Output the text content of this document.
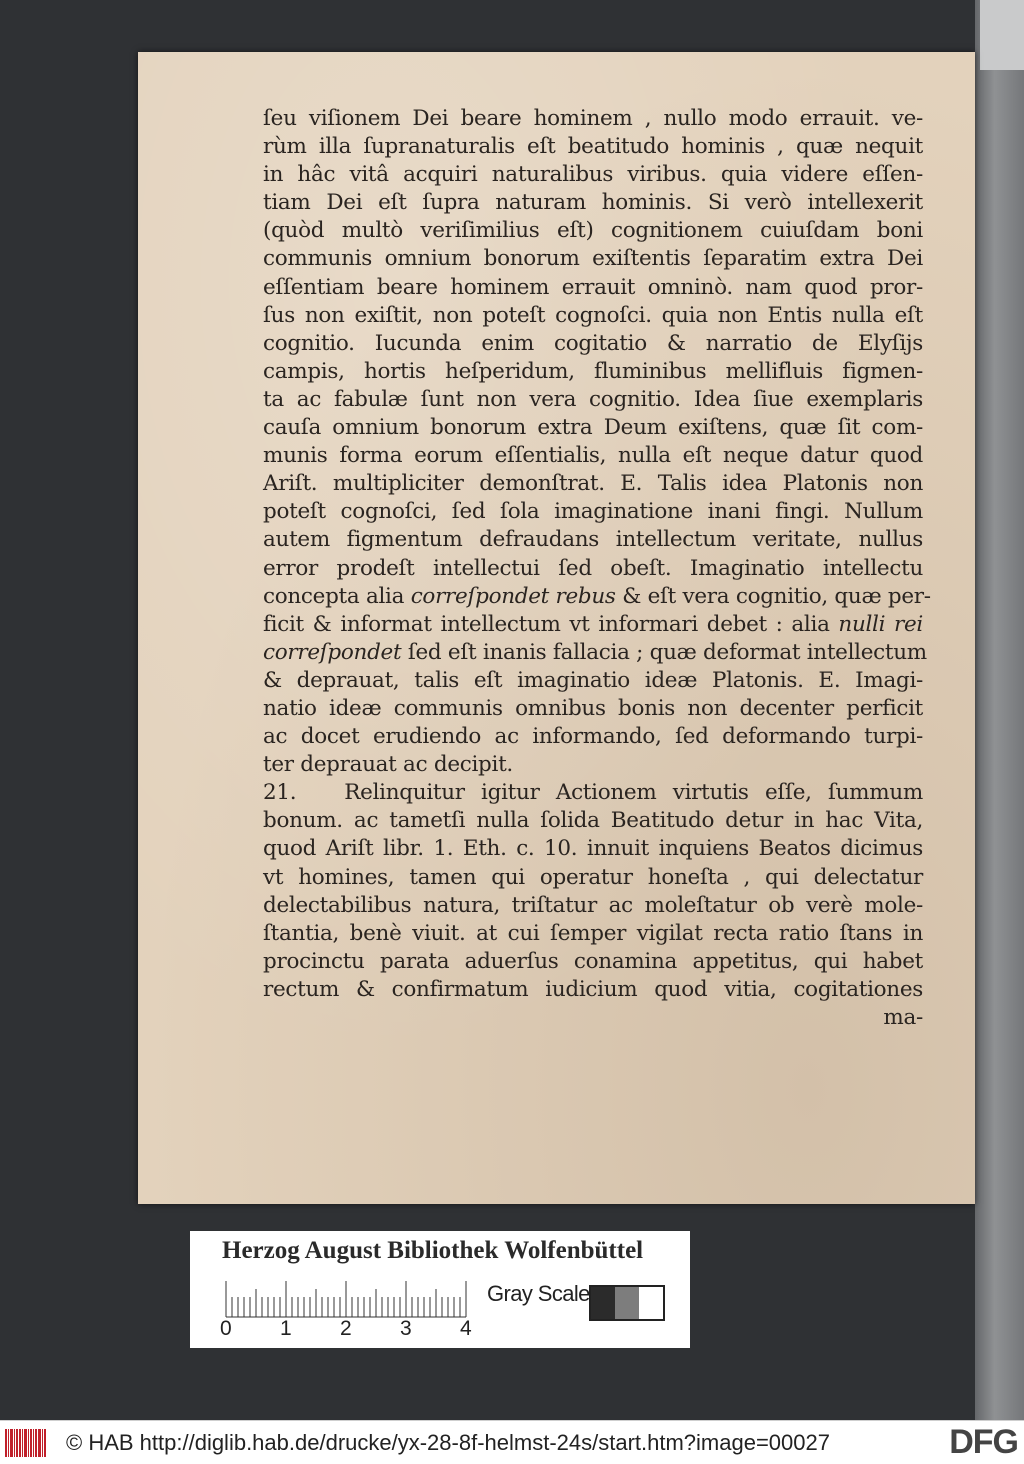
ſeu viſionem Dei beare hominem , nullo modo errauit. ve-
rùm illa ſupranaturalis eſt beatitudo hominis , quæ nequit
in hâc vitâ acquiri naturalibus viribus. quia videre eſſen-
tiam Dei eſt ſupra naturam hominis. Si verò intellexerit
(quòd multò veriſimilius eſt) cognitionem cuiuſdam boni
communis omnium bonorum exiſtentis ſeparatim extra Dei
eſſentiam beare hominem errauit omninò. nam quod pror-
ſus non exiſtit, non poteſt cognoſci. quia non Entis nulla eſt
cognitio. Iucunda enim cogitatio & narratio de Elyſijs
campis, hortis heſperidum, fluminibus mellifluis figmen-
ta ac fabulæ ſunt non vera cognitio. Idea ſiue exemplaris
cauſa omnium bonorum extra Deum exiſtens, quæ ſit com-
munis forma eorum eſſentialis, nulla eſt neque datur quod
Ariſt. multipliciter demonſtrat. E. Talis idea Platonis non
poteſt cognoſci, ſed ſola imaginatione inani fingi. Nullum
autem figmentum defraudans intellectum veritate, nullus
error prodeſt intellectui ſed obeſt. Imaginatio intellectu
concepta alia correſpondet rebus & eſt vera cognitio, quæ per-
ficit & informat intellectum vt informari debet : alia nulli rei
correſpondet ſed eſt inanis fallacia ; quæ deformat intellectum
& deprauat, talis eſt imaginatio ideæ Platonis. E. Imagi-
natio ideæ communis omnibus bonis non decenter perficit
ac docet erudiendo ac informando, ſed deformando turpi-
ter deprauat ac decipit.
21. Relinquitur igitur Actionem virtutis eſſe, ſummum
bonum. ac tametſi nulla ſolida Beatitudo detur in hac Vita,
quod Ariſt libr. 1. Eth. c. 10. innuit inquiens Beatos dicimus
vt homines, tamen qui operatur honeſta , qui delectatur
delectabilibus natura, triſtatur ac moleſtatur ob verè mole-
ſtantia, benè viuit. at cui ſemper vigilat recta ratio ſtans in
procinctu parata aduerſus conamina appetitus, qui habet
rectum & confirmatum iudicium quod vitia, cogitationes
ma-
Herzog August Bibliothek Wolfenbüttel
0 1 2 3 4
Gray Scale
© HAB http://diglib.hab.de/drucke/yx-28-8f-helmst-24s/start.htm?image=00027	DFG
